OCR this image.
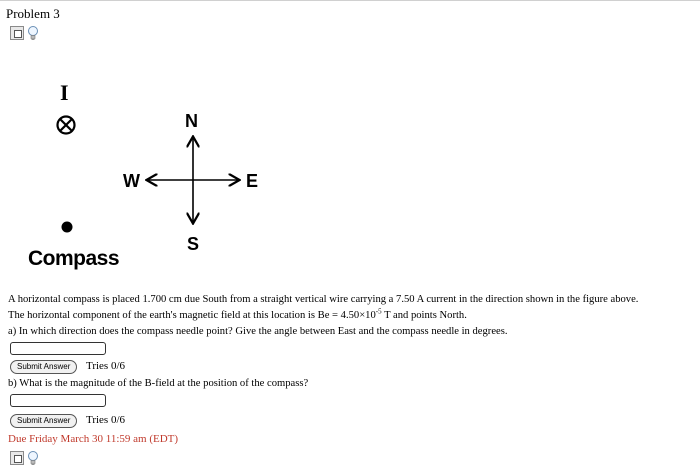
Problem 3
I
N
W	E
S
Compass

A horizontal compass is placed 1.700 cm due South from a straight vertical wire carrying a 7.50 A current in the direction shown in the figure above.

The horizontal component of the earth's magnetic field at this location is $Be = 4.50\times 10^{-5}$ T and points North.

a) In which direction does the compass needle point? Give the angle between East and the compass needle in degrees.

Submit Answer	Tries 0/6
b) What is the magnitude of the B-field at the position of the compass?
Submit Answer	Tries 0/6
Due Friday March 30 11:59 am (EDT)
